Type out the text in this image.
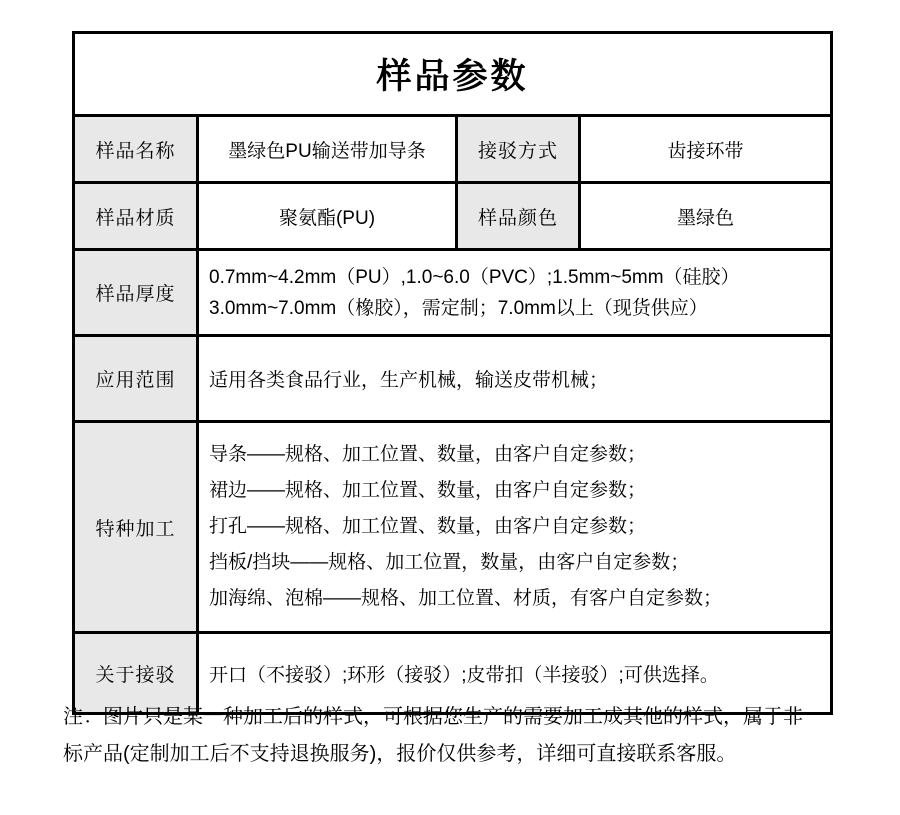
样品参数			
样品名称	墨绿色PU输送带加导条	接驳方式	齿接环带
样品材质	聚氨酯(PU)	样品颜色	墨绿色
样品厚度	0.7mm~4.2mm（PU）,1.0~6.0（PVC）;1.5mm~5mm（硅胶）
3.0mm~7.0mm（橡胶），需定制；7.0mm以上（现货供应）		

应用范围	适用各类食品行业，生产机械，输送皮带机械；		
特种加工	导条——规格、加工位置、数量，由客户自定参数；
裙边——规格、加工位置、数量，由客户自定参数；
打孔——规格、加工位置、数量，由客户自定参数；
挡板/挡块——规格、加工位置，数量，由客户自定参数；
加海绵、泡棉——规格、加工位置、材质，有客户自定参数；		

关于接驳	开口（不接驳）;环形（接驳）;皮带扣（半接驳）;可供选择。		
注：图片只是某一种加工后的样式，可根据您生产的需要加工成其他的样式，属于非
标产品(定制加工后不支持退换服务)，报价仅供参考，详细可直接联系客服。
